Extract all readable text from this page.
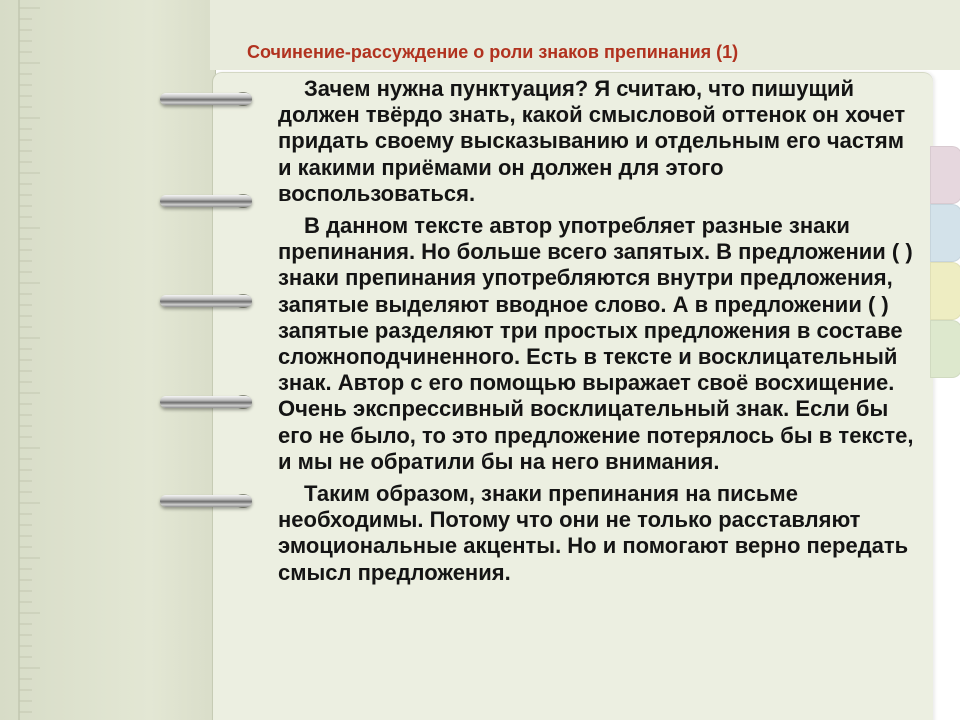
Сочинение-рассуждение о роли знаков препинания (1)

Зачем нужна пунктуация? Я считаю, что пишущий должен твёрдо знать, какой смысловой оттенок он хочет придать своему высказыванию и отдельным его частям и какими приёмами он должен для этого воспользоваться.

В данном тексте автор употребляет разные знаки препинания. Но больше всего запятых. В предложении ( ) знаки препинания употребляются внутри предложения, запятые выделяют вводное слово. А в предложении ( ) запятые разделяют три простых предложения в составе сложноподчиненного. Есть в тексте и восклицательный знак. Автор с его помощью выражает своё восхищение. Очень экспрессивный восклицательный знак. Если бы его не было, то это предложение потерялось бы в тексте, и мы не обратили бы на него внимания.

Таким образом, знаки препинания на письме необходимы. Потому что они не только расставляют эмоциональные акценты. Но и помогают верно передать смысл предложения.
